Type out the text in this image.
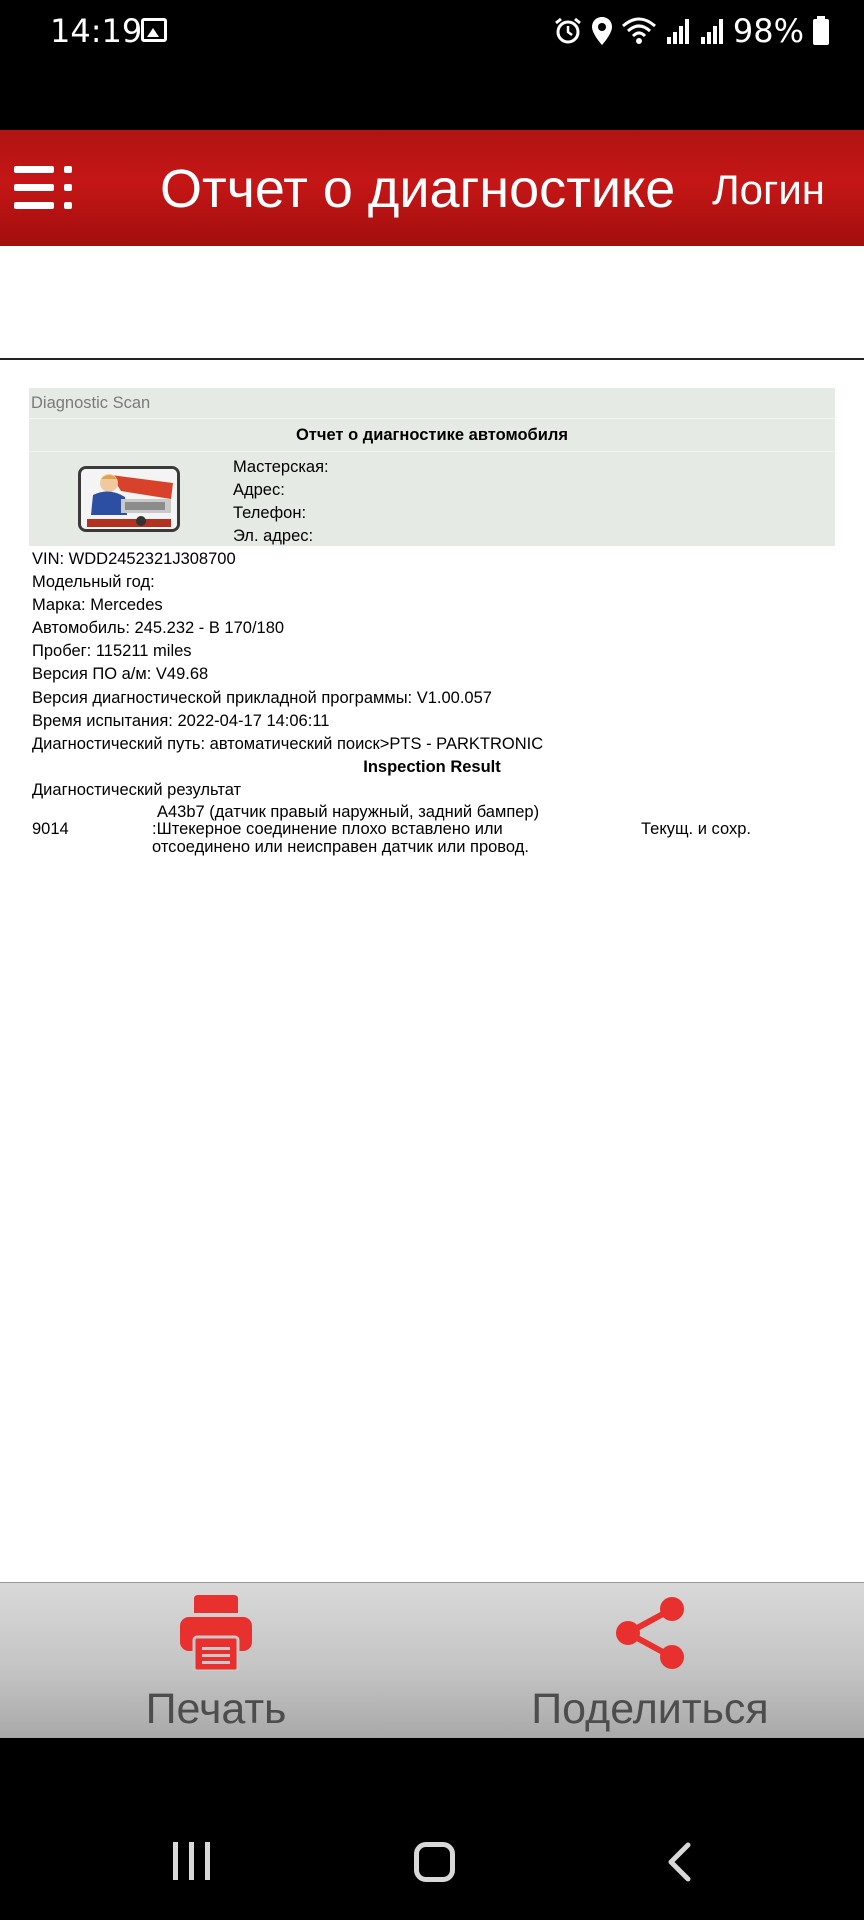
14:19	98%
Отчет о диагностике Логин
Diagnostic Scan
Отчет о диагностике автомобиля
Мастерская:
Адрес:
Телефон:
Эл. адрес:
VIN: WDD2452321J308700
Модельный год:
Марка: Mercedes
Автомобиль: 245.232 - B 170/180
Пробег: 115211 miles
Версия ПО а/м: V49.68
Версия диагностической прикладной программы: V1.00.057
Время испытания: 2022-04-17 14:06:11
Диагностический путь: автоматический поиск>PTS - PARKTRONIC
Inspection Result
Диагностический результат
9014
A43b7 (датчик правый наружный, задний бампер)
:Штекерное соединение плохо вставлено или
отсоединено или неисправен датчик или провод.
Текущ. и сохр.
Печать	Поделиться
